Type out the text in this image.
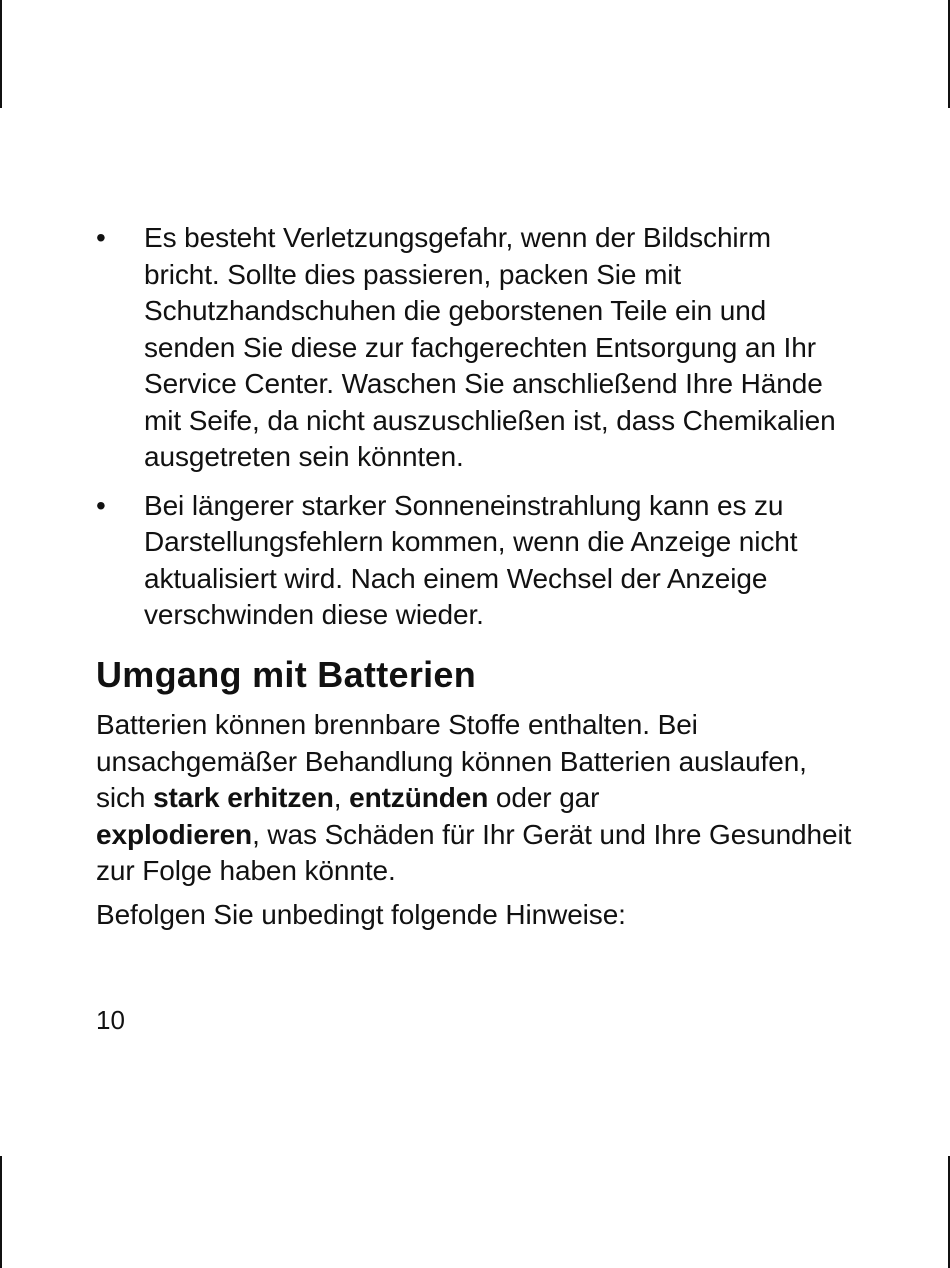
• Es besteht Verletzungsgefahr, wenn der Bildschirm bricht. Sollte dies passieren, packen Sie mit Schutzhandschuhen die geborstenen Teile ein und senden Sie diese zur fachgerechten Entsorgung an Ihr Service Center. Waschen Sie anschließend Ihre Hände mit Seife, da nicht auszuschließen ist, dass Chemikalien ausgetreten sein könnten.
• Bei längerer starker Sonneneinstrahlung kann es zu Darstellungsfehlern kommen, wenn die Anzeige nicht aktualisiert wird. Nach einem Wechsel der Anzeige verschwinden diese wieder.
Umgang mit Batterien

Batterien können brennbare Stoffe enthalten. Bei unsachgemäßer Behandlung können Batterien auslaufen, sich stark erhitzen, entzünden oder gar
explodieren, was Schäden für Ihr Gerät und Ihre Gesundheit zur Folge haben könnte.

Befolgen Sie unbedingt folgende Hinweise:

10
